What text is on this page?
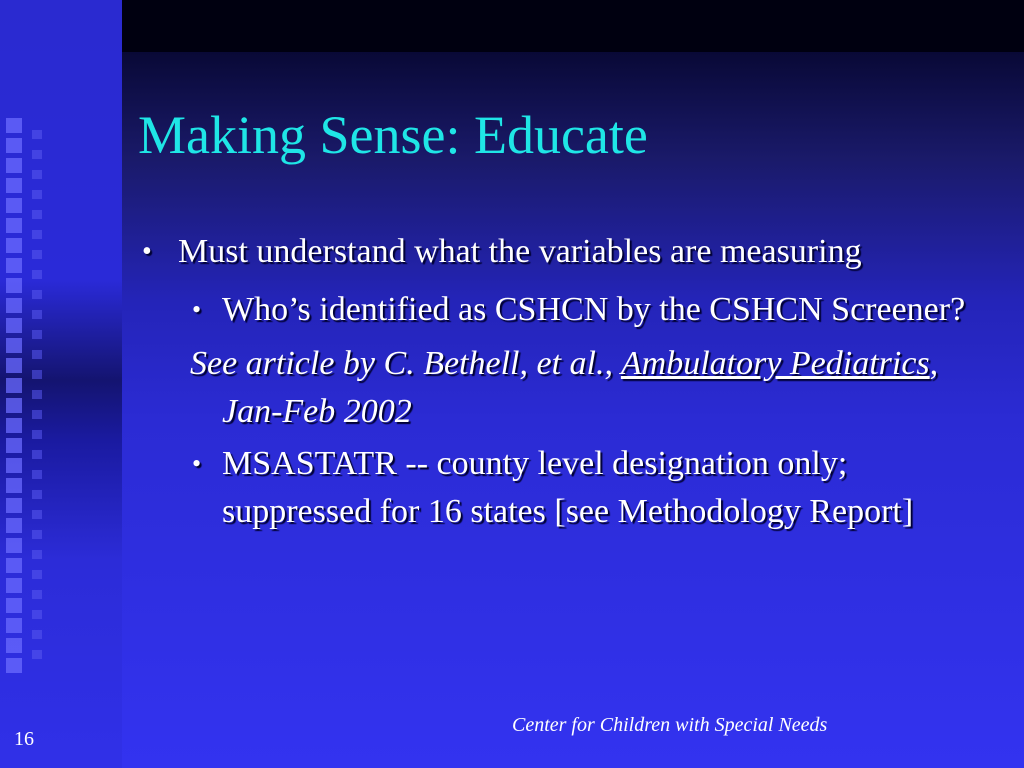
Making Sense: Educate
• Must understand what the variables are measuring
• Who’s identified as CSHCN by the CSHCN Screener?
See article by C. Bethell, et al., Ambulatory Pediatrics, Jan-Feb 2002
• MSASTATR -- county level designation only; suppressed for 16 states [see Methodology Report]
Center for Children with Special Needs
16
